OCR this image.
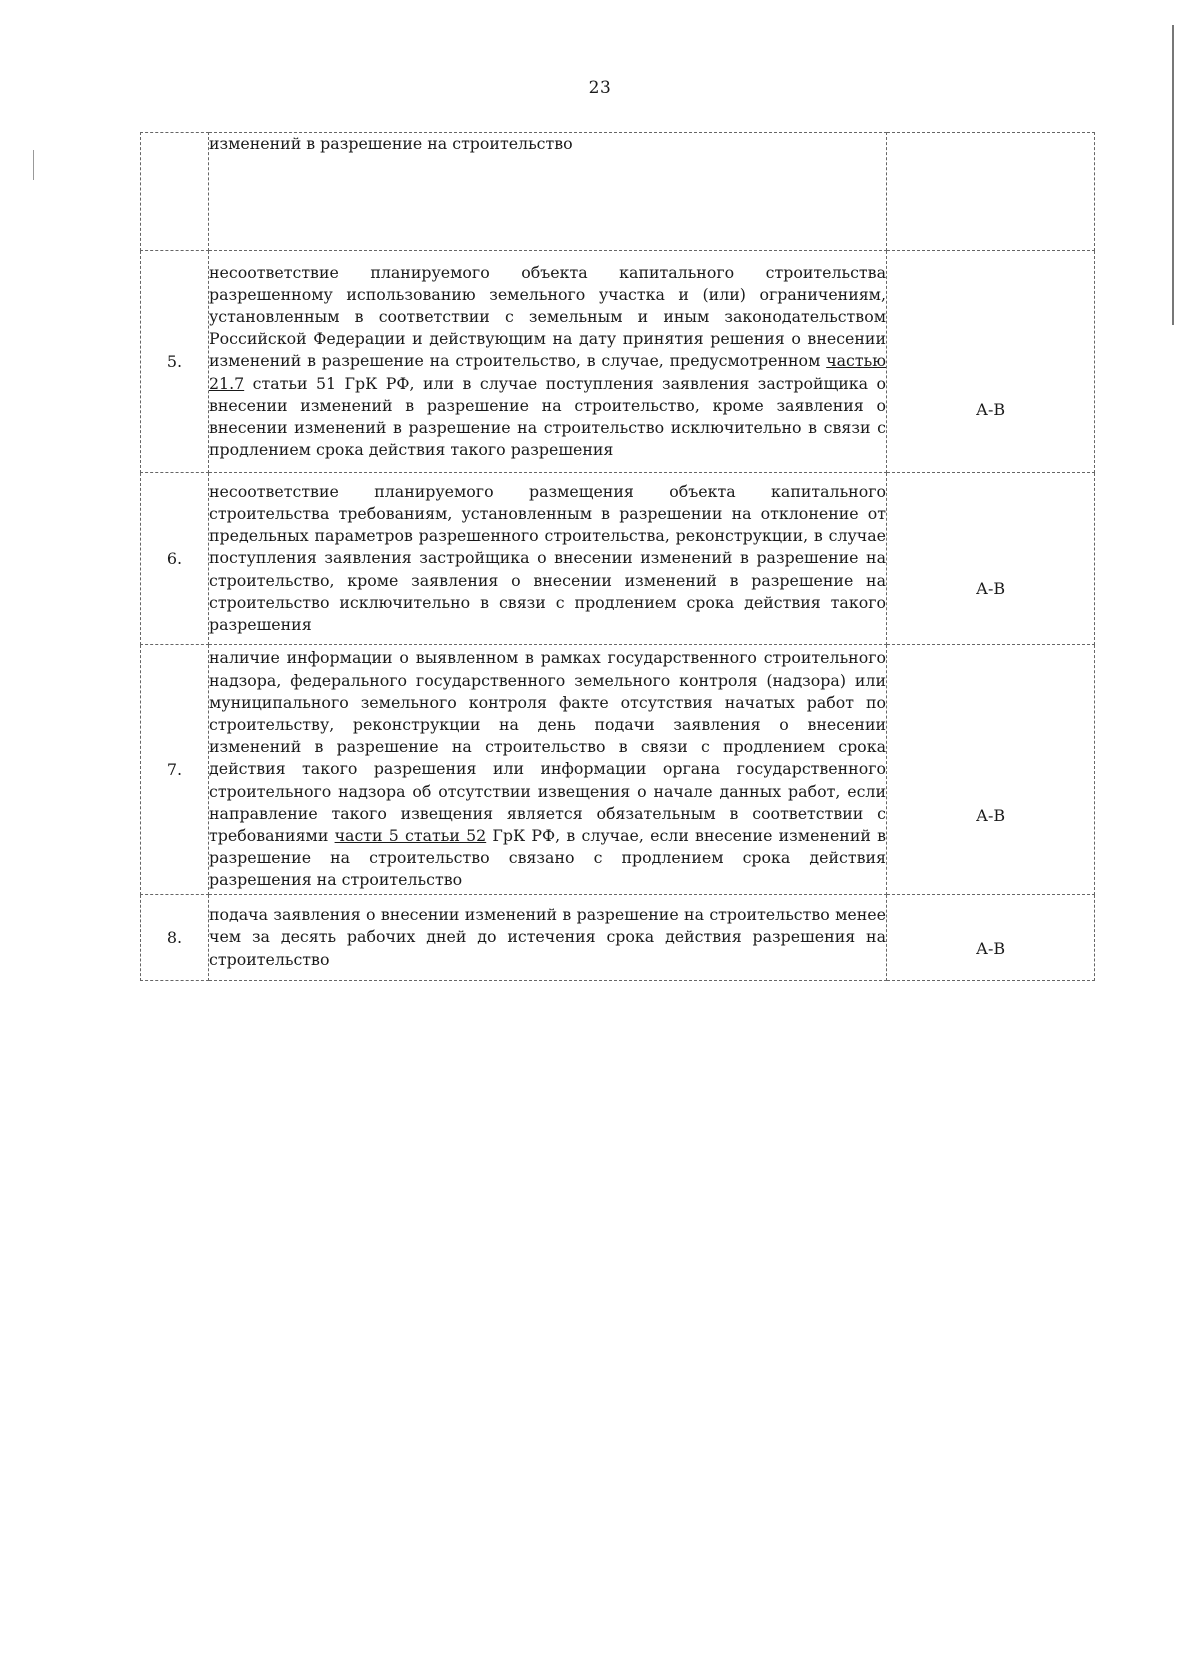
23
	изменений в разрешение на строительство	

5.	несоответствие планируемого объекта капитального строительства разрешенному использованию земельного участка и (или) ограничениям, установленным в соответствии с земельным и иным законодательством Российской Федерации и действующим на дату принятия решения о внесении изменений в разрешение на строительство, в случае, предусмотренном частью 21.7 статьи 51 ГрК РФ, или в случае поступления заявления застройщика о внесении изменений в разрешение на строительство, кроме заявления о внесении изменений в разрешение на строительство исключительно в связи с продлением срока действия такого разрешения	А-В

6.	несоответствие планируемого размещения объекта капитального строительства требованиям, установленным в разрешении на отклонение от предельных параметров разрешенного строительства, реконструкции, в случае поступления заявления застройщика о внесении изменений в разрешение на строительство, кроме заявления о внесении изменений в разрешение на строительство исключительно в связи с продлением срока действия такого разрешения	А-В

7.	наличие информации о выявленном в рамках государственного строительного надзора, федерального государственного земельного контроля (надзора) или муниципального земельного контроля факте отсутствия начатых работ по строительству, реконструкции на день подачи заявления о внесении изменений в разрешение на строительство в связи с продлением срока действия такого разрешения или информации органа государственного строительного надзора об отсутствии извещения о начале данных работ, если направление такого извещения является обязательным в соответствии с требованиями части 5 статьи 52 ГрК РФ, в случае, если внесение изменений в разрешение на строительство связано с продлением срока действия разрешения на строительство	А-В

8.	подача заявления о внесении изменений в разрешение на строительство менее чем за десять рабочих дней до истечения срока действия разрешения на строительство	А-В
